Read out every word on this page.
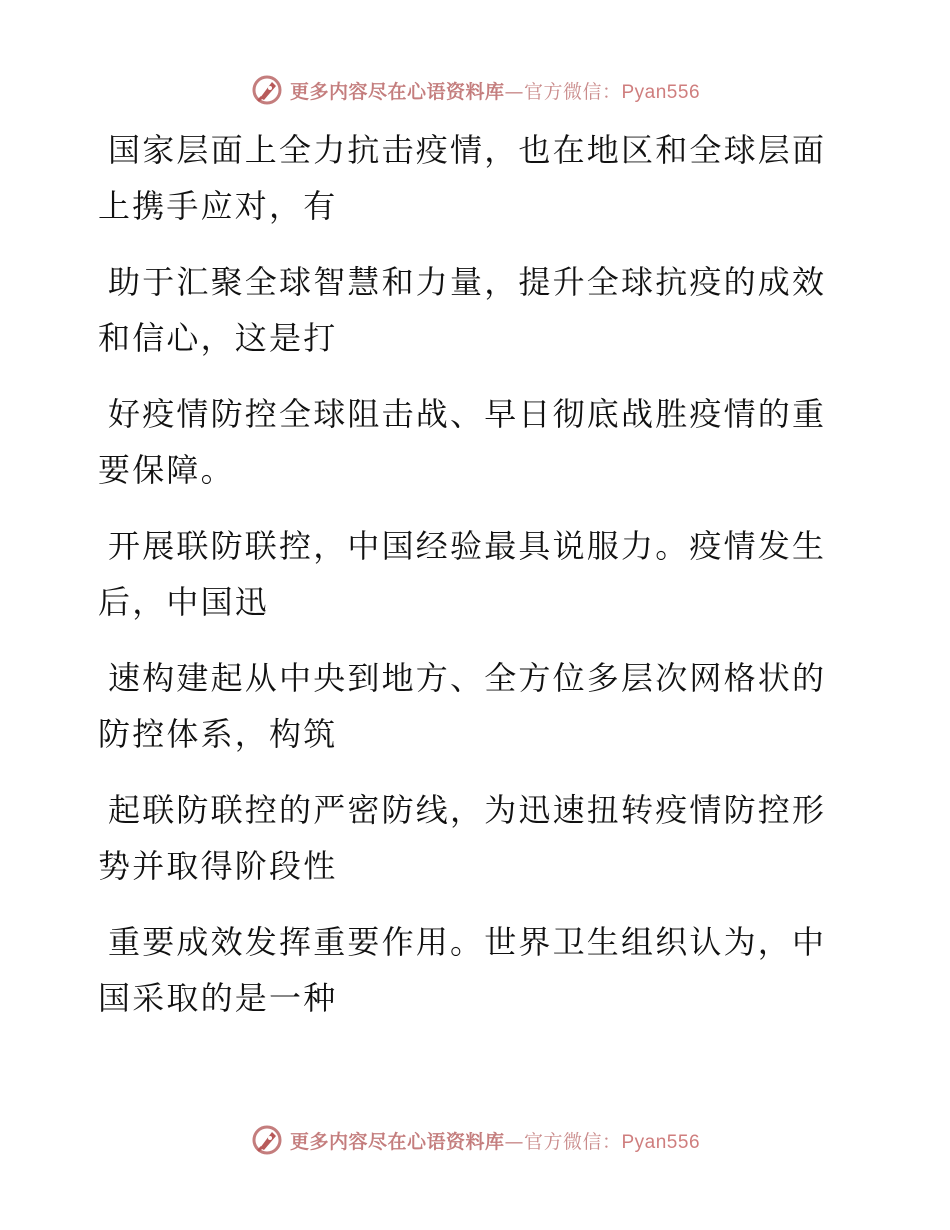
更多内容尽在心语资料库—官方微信：Pyan556

国家层面上全力抗击疫情，也在地区和全球层面
上携手应对，有

助于汇聚全球智慧和力量，提升全球抗疫的成效
和信心，这是打

好疫情防控全球阻击战、早日彻底战胜疫情的重
要保障。

开展联防联控，中国经验最具说服力。疫情发生
后，中国迅

速构建起从中央到地方、全方位多层次网格状的
防控体系，构筑

起联防联控的严密防线，为迅速扭转疫情防控形
势并取得阶段性

重要成效发挥重要作用。世界卫生组织认为，中
国采取的是一种

更多内容尽在心语资料库—官方微信：Pyan556
